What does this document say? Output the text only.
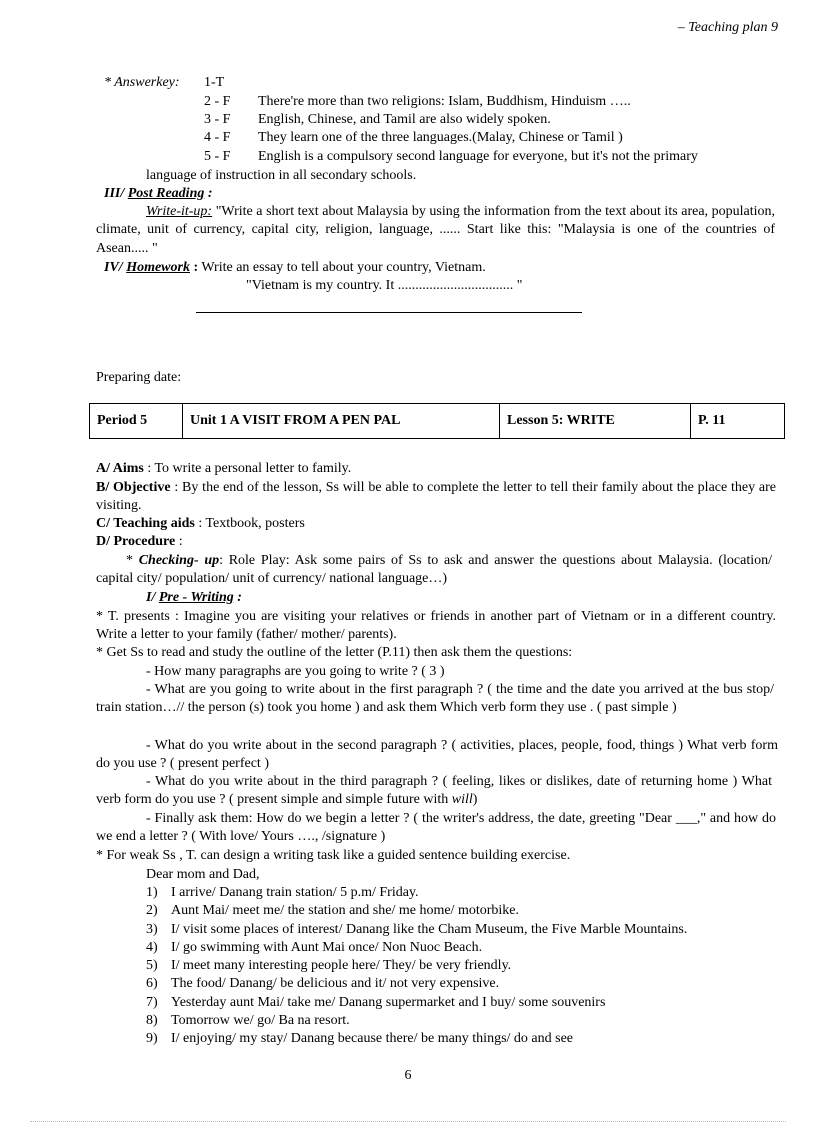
– Teaching plan 9
* Answerkey: 1-T
2 - F There're more than two religions: Islam, Buddhism, Hinduism …..
3 - F English, Chinese, and Tamil are also widely spoken.
4 - F They learn one of the three languages.(Malay, Chinese or Tamil )
5 - F English is a compulsory second language for everyone, but it's not the primary
language of instruction in all secondary schools.
III/ Post Reading :
Write-it-up: "Write a short text about Malaysia by using the information from the text about its area, population, climate, unit of currency, capital city, religion, language, ...... Start like this: "Malaysia is one of the countries of Asean..... "
IV/ Homework : Write an essay to tell about your country, Vietnam.
"Vietnam is my country. It ................................. "
Preparing date:
Period 5	Unit 1 A VISIT FROM A PEN PAL	Lesson 5: WRITE	P. 11
A/ Aims : To write a personal letter to family.
B/ Objective : By the end of the lesson, Ss will be able to complete the letter to tell their family about the place they are visiting.
C/ Teaching aids : Textbook, posters
D/ Procedure :
* Checking- up: Role Play: Ask some pairs of Ss to ask and answer the questions about Malaysia. (location/ capital city/ population/ unit of currency/ national language…)
I/ Pre - Writing :
* T. presents : Imagine you are visiting your relatives or friends in another part of Vietnam or in a different country. Write a letter to your family (father/ mother/ parents).
* Get Ss to read and study the outline of the letter (P.11) then ask them the questions:
- How many paragraphs are you going to write ? ( 3 )
- What are you going to write about in the first paragraph ? ( the time and the date you arrived at the bus stop/ train station…// the person (s) took you home ) and ask them Which verb form they use . ( past simple )
- What do you write about in the second paragraph ? ( activities, places, people, food, things ) What verb form do you use ? ( present perfect )
- What do you write about in the third paragraph ? ( feeling, likes or dislikes, date of returning home ) What verb form do you use ? ( present simple and simple future with will)
- Finally ask them: How do we begin a letter ? ( the writer's address, the date, greeting "Dear ___," and how do we end a letter ? ( With love/ Yours …., /signature )
* For weak Ss , T. can design a writing task like a guided sentence building exercise.
Dear mom and Dad,
1) I arrive/ Danang train station/ 5 p.m/ Friday.
2) Aunt Mai/ meet me/ the station and she/ me home/ motorbike.
3) I/ visit some places of interest/ Danang like the Cham Museum, the Five Marble Mountains.
4) I/ go swimming with Aunt Mai once/ Non Nuoc Beach.
5) I/ meet many interesting people here/ They/ be very friendly.
6) The food/ Danang/ be delicious and it/ not very expensive.
7) Yesterday aunt Mai/ take me/ Danang supermarket and I buy/ some souvenirs
8) Tomorrow we/ go/ Ba na resort.
9) I/ enjoying/ my stay/ Danang because there/ be many things/ do and see
6
